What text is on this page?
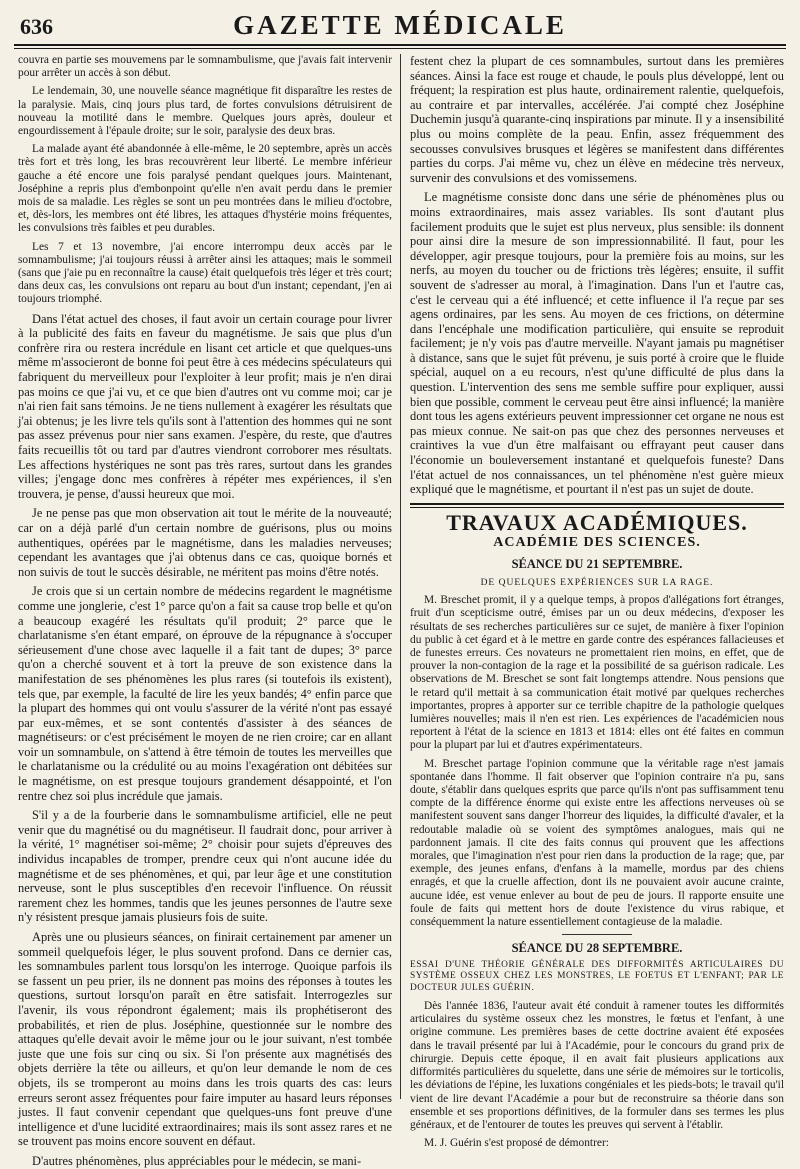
636	GAZETTE MÉDICALE

couvra en partie ses mouvemens par le somnambulisme, que j'avais fait intervenir pour arrêter un accès à son début.

Le lendemain, 30, une nouvelle séance magnétique fit disparaître les restes de la paralysie. Mais, cinq jours plus tard, de fortes convulsions détruisirent de nouveau la motilité dans le membre. Quelques jours après, douleur et engourdissement à l'épaule droite; sur le soir, paralysie des deux bras.

La malade ayant été abandonnée à elle-même, le 20 septembre, après un accès très fort et très long, les bras recouvrèrent leur liberté. Le membre inférieur gauche a été encore une fois paralysé pendant quelques jours. Maintenant, Joséphine a repris plus d'embonpoint qu'elle n'en avait perdu dans le premier mois de sa maladie. Les règles se sont un peu montrées dans le milieu d'octobre, et, dès-lors, les membres ont été libres, les attaques d'hystérie moins fréquentes, les convulsions très faibles et peu durables.

Les 7 et 13 novembre, j'ai encore interrompu deux accès par le somnambulisme; j'ai toujours réussi à arrêter ainsi les attaques; mais le sommeil (sans que j'aie pu en reconnaître la cause) était quelquefois très léger et très court; dans deux cas, les convulsions ont reparu au bout d'un instant; cependant, j'en ai toujours triomphé.

Dans l'état actuel des choses, il faut avoir un certain courage pour livrer à la publicité des faits en faveur du magnétisme. Je sais que plus d'un confrère rira ou restera incrédule en lisant cet article et que quelques-uns même m'associeront de bonne foi peut être à ces médecins spéculateurs qui fabriquent du merveilleux pour l'exploiter à leur profit; mais je n'en dirai pas moins ce que j'ai vu, et ce que bien d'autres ont vu comme moi; car je n'ai rien fait sans témoins. Je ne tiens nullement à exagérer les résultats que j'ai obtenus; je les livre tels qu'ils sont à l'attention des hommes qui ne sont pas assez prévenus pour nier sans examen. J'espère, du reste, que d'autres faits recueillis tôt ou tard par d'autres viendront corroborer mes résultats. Les affections hystériques ne sont pas très rares, surtout dans les grandes villes; j'engage donc mes confrères à répéter mes expériences, il s'en trouvera, je pense, d'aussi heureux que moi.

Je ne pense pas que mon observation ait tout le mérite de la nouveauté; car on a déjà parlé d'un certain nombre de guérisons, plus ou moins authentiques, opérées par le magnétisme, dans les maladies nerveuses; cependant les avantages que j'ai obtenus dans ce cas, quoique bornés et non suivis de tout le succès désirable, ne méritent pas moins d'être notés.

Je crois que si un certain nombre de médecins regardent le magnétisme comme une jonglerie, c'est 1° parce qu'on a fait sa cause trop belle et qu'on a beaucoup exagéré les résultats qu'il produit; 2° parce que le charlatanisme s'en étant emparé, on éprouve de la répugnance à s'occuper sérieusement d'une chose avec laquelle il a fait tant de dupes; 3° parce qu'on a cherché souvent et à tort la preuve de son existence dans la manifestation de ses phénomènes les plus rares (si toutefois ils existent), tels que, par exemple, la faculté de lire les yeux bandés; 4° enfin parce que la plupart des hommes qui ont voulu s'assurer de la vérité n'ont pas essayé par eux-mêmes, et se sont contentés d'assister à des séances de magnétiseurs: or c'est précisément le moyen de ne rien croire; car en allant voir un somnambule, on s'attend à être témoin de toutes les merveilles que le charlatanisme ou la crédulité ou au moins l'exagération ont débitées sur le magnétisme, on est presque toujours grandement désappointé, et l'on rentre chez soi plus incrédule que jamais.

S'il y a de la fourberie dans le somnambulisme artificiel, elle ne peut venir que du magnétisé ou du magnétiseur. Il faudrait donc, pour arriver à la vérité, 1° magnétiser soi-même; 2° choisir pour sujets d'épreuves des individus incapables de tromper, prendre ceux qui n'ont aucune idée du magnétisme et de ses phénomènes, et qui, par leur âge et une constitution nerveuse, sont le plus susceptibles d'en recevoir l'influence. On réussit rarement chez les hommes, tandis que les jeunes personnes de l'autre sexe n'y résistent presque jamais plusieurs fois de suite.

Après une ou plusieurs séances, on finirait certainement par amener un sommeil quelquefois léger, le plus souvent profond. Dans ce dernier cas, les somnambules parlent tous lorsqu'on les interroge. Quoique parfois ils se fassent un peu prier, ils ne donnent pas moins des réponses à toutes les questions, surtout lorsqu'on paraît en être satisfait. Interrogezles sur l'avenir, ils vous répondront également; mais ils prophétiseront des probabilités, et rien de plus. Joséphine, questionnée sur le nombre des attaques qu'elle devait avoir le même jour ou le jour suivant, n'est tombée juste que une fois sur cinq ou six. Si l'on présente aux magnétisés des objets derrière la tête ou ailleurs, et qu'on leur demande le nom de ces objets, ils se tromperont au moins dans les trois quarts des cas: leurs erreurs seront assez fréquentes pour faire imputer au hasard leurs réponses justes. Il faut convenir cependant que quelques-uns font preuve d'une intelligence et d'une lucidité extraordinaires; mais ils sont assez rares et ne se trouvent pas moins encore souvent en défaut.

D'autres phénomènes, plus appréciables pour le médecin, se mani-

festent chez la plupart de ces somnambules, surtout dans les premières séances. Ainsi la face est rouge et chaude, le pouls plus développé, lent ou fréquent; la respiration est plus haute, ordinairement ralentie, quelquefois, au contraire et par intervalles, accélérée. J'ai compté chez Joséphine Duchemin jusqu'à quarante-cinq inspirations par minute. Il y a insensibilité plus ou moins complète de la peau. Enfin, assez fréquemment des secousses convulsives brusques et légères se manifestent dans différentes parties du corps. J'ai même vu, chez un élève en médecine très nerveux, survenir des convulsions et des vomissemens.

Le magnétisme consiste donc dans une série de phénomènes plus ou moins extraordinaires, mais assez variables. Ils sont d'autant plus facilement produits que le sujet est plus nerveux, plus sensible: ils donnent pour ainsi dire la mesure de son impressionnabilité. Il faut, pour les développer, agir presque toujours, pour la première fois au moins, sur les nerfs, au moyen du toucher ou de frictions très légères; ensuite, il suffit souvent de s'adresser au moral, à l'imagination. Dans l'un et l'autre cas, c'est le cerveau qui a été influencé; et cette influence il l'a reçue par ses agens ordinaires, par les sens. Au moyen de ces frictions, on détermine dans l'encéphale une modification particulière, qui ensuite se reproduit facilement; je n'y vois pas d'autre merveille. N'ayant jamais pu magnétiser à distance, sans que le sujet fût prévenu, je suis porté à croire que le fluide spécial, auquel on a eu recours, n'est qu'une difficulté de plus dans la question. L'intervention des sens me semble suffire pour expliquer, aussi bien que possible, comment le cerveau peut être ainsi influencé; la manière dont tous les agens extérieurs peuvent impressionner cet organe ne nous est pas mieux connue. Ne sait-on pas que chez des personnes nerveuses et craintives la vue d'un être malfaisant ou effrayant peut causer dans l'économie un bouleversement instantané et quelquefois funeste? Dans l'état actuel de nos connaissances, un tel phénomène n'est guère mieux expliqué que le magnétisme, et pourtant il n'est pas un sujet de doute.

TRAVAUX ACADÉMIQUES.
ACADÉMIE DES SCIENCES.
SÉANCE DU 21 SEPTEMBRE.
DE QUELQUES EXPÉRIENCES SUR LA RAGE.

M. Breschet promit, il y a quelque temps, à propos d'allégations fort étranges, fruit d'un scepticisme outré, émises par un ou deux médecins, d'exposer les résultats de ses recherches particulières sur ce sujet, de manière à fixer l'opinion du public à cet égard et à le mettre en garde contre des espérances fallacieuses et de funestes erreurs. Ces novateurs ne promettaient rien moins, en effet, que de prouver la non-contagion de la rage et la possibilité de sa guérison radicale. Les observations de M. Breschet se sont fait longtemps attendre. Nous pensions que le retard qu'il mettait à sa communication était motivé par quelques recherches importantes, propres à apporter sur ce terrible chapitre de la pathologie quelques lumières nouvelles; mais il n'en est rien. Les expériences de l'académicien nous reportent à l'état de la science en 1813 et 1814: elles ont été faites en commun pour la plupart par lui et d'autres expérimentateurs.

M. Breschet partage l'opinion commune que la véritable rage n'est jamais spontanée dans l'homme. Il fait observer que l'opinion contraire n'a pu, sans doute, s'établir dans quelques esprits que parce qu'ils n'ont pas suffisamment tenu compte de la différence énorme qui existe entre les affections nerveuses où se manifestent souvent sans danger l'horreur des liquides, la difficulté d'avaler, et la redoutable maladie où se voient des symptômes analogues, mais qui ne pardonnent jamais. Il cite des faits connus qui prouvent que les affections morales, que l'imagination n'est pour rien dans la production de la rage; que, par exemple, des jeunes enfans, d'enfans à la mamelle, mordus par des chiens enragés, et que la cruelle affection, dont ils ne pouvaient avoir aucune crainte, aucune idée, est venue enlever au bout de peu de jours. Il rapporte ensuite une foule de faits qui mettent hors de doute l'existence du virus rabique, et conséquemment la nature essentiellement contagieuse de la maladie.

SÉANCE DU 28 SEPTEMBRE.

ESSAI D'UNE THÉORIE GÉNÉRALE DES DIFFORMITÉS ARTICULAIRES DU SYSTÈME OSSEUX CHEZ LES MONSTRES, LE FOETUS ET L'ENFANT; PAR LE DOCTEUR JULES GUÉRIN.

Dès l'année 1836, l'auteur avait été conduit à ramener toutes les difformités articulaires du système osseux chez les monstres, le fœtus et l'enfant, à une origine commune. Les premières bases de cette doctrine avaient été exposées dans le travail présenté par lui à l'Académie, pour le concours du grand prix de chirurgie. Depuis cette époque, il en avait fait plusieurs applications aux difformités particulières du squelette, dans une série de mémoires sur le torticolis, les déviations de l'épine, les luxations congéniales et les pieds-bots; le travail qu'il vient de lire devant l'Académie a pour but de reconstruire sa théorie dans son ensemble et ses proportions définitives, de la formuler dans ses termes les plus généraux, et de l'entourer de toutes les preuves qui servent à l'établir.

M. J. Guérin s'est proposé de démontrer:
